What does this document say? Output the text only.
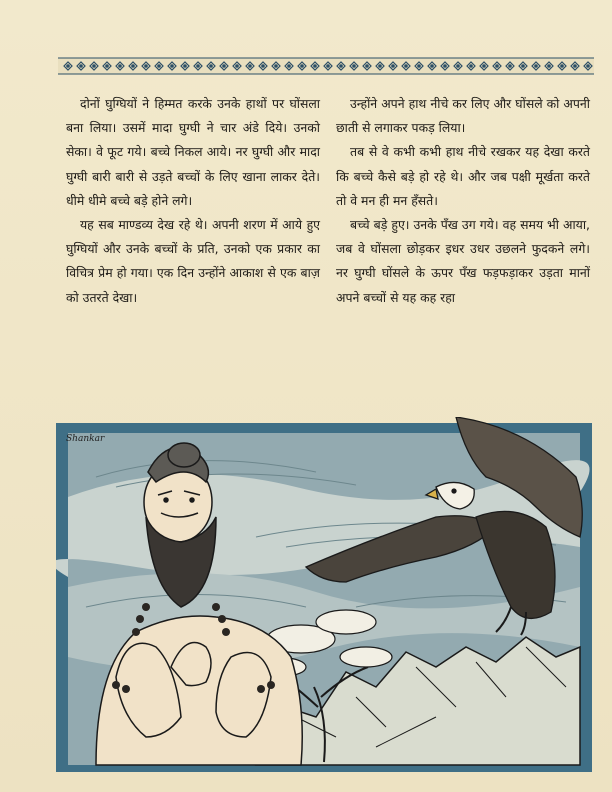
दोनों घुग्घियों ने हिम्मत करके उनके हाथों पर घोंसला बना लिया। उसमें मादा घुग्घी ने चार अंडे दिये। उनको सेका। वे फूट गये। बच्चे निकल आये। नर घुग्घी और मादा घुग्घी बारी बारी से उड़ते बच्चों के लिए खाना लाकर देते। धीमे धीमे बच्चे बड़े होने लगे।

यह सब माण्डव्य देख रहे थे। अपनी शरण में आये हुए घुग्घियों और उनके बच्चों के प्रति, उनको एक प्रकार का विचित्र प्रेम हो गया। एक दिन उन्होंने आकाश से एक बाज़ को उतरते देखा।

उन्होंने अपने हाथ नीचे कर लिए और घोंसले को अपनी छाती से लगाकर पकड़ लिया।

तब से वे कभी कभी हाथ नीचे रखकर यह देखा करते कि बच्चे कैसे बड़े हो रहे थे। और जब पक्षी मूर्खता करते तो वे मन ही मन हँसते।

बच्चे बड़े हुए। उनके पँख उग गये। वह समय भी आया, जब वे घोंसला छोड़कर इधर उधर उछलने फुदकने लगे। नर घुग्घी घोंसले के ऊपर पँख फड़फड़ाकर उड़ता मानों अपने बच्चों से यह कह रहा

Shankar
